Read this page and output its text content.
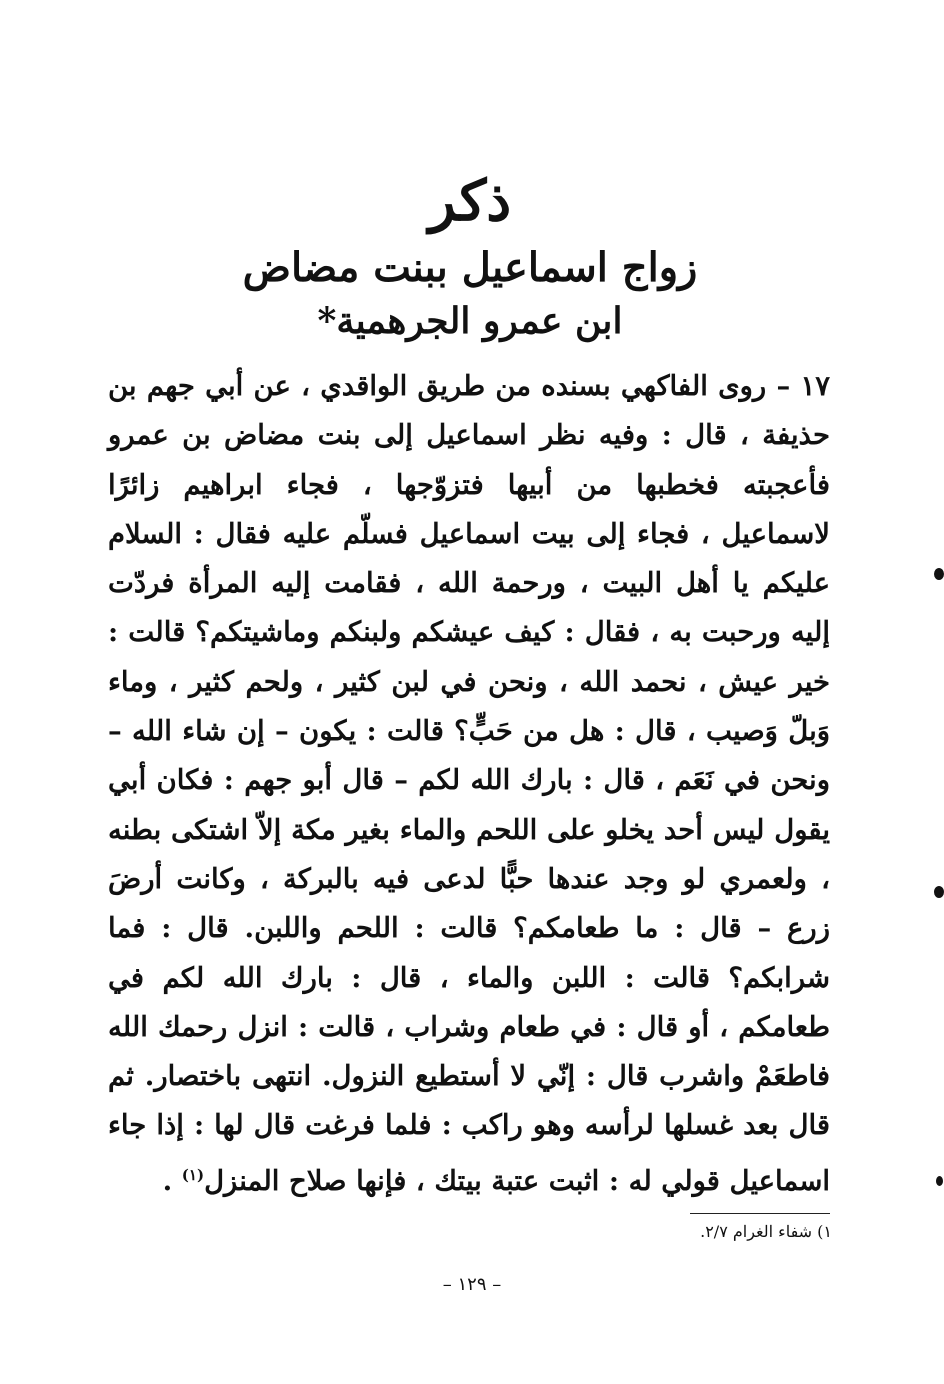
ذكر
زواج اسماعيل ببنت مضاض
ابن عمرو الجرهمية*

١٧ – روى الفاكهي بسنده من طريق الواقدي ، عن أبي جهم بن حذيفة ، قال : وفيه نظر اسماعيل إلى بنت مضاض بن عمرو فأعجبته فخطبها من أبيها فتزوّجها ، فجاء ابراهيم زائرًا لاسماعيل ، فجاء إلى بيت اسماعيل فسلّم عليه فقال : السلام عليكم يا أهل البيت ، ورحمة الله ، فقامت إليه المرأة فردّت إليه ورحبت به ، فقال : كيف عيشكم ولبنكم وماشيتكم؟ قالت : خير عيش ، نحمد الله ، ونحن في لبن كثير ، ولحم كثير ، وماء وَبلّ وَصيب ، قال : هل من حَبٍّ؟ قالت : يكون – إن شاء الله – ونحن في نَعَم ، قال : بارك الله لكم – قال أبو جهم : فكان أبي يقول ليس أحد يخلو على اللحم والماء بغير مكة إلاّ اشتكى بطنه ، ولعمري لو وجد عندها حبًّا لدعى فيه بالبركة ، وكانت أرضَ زرع – قال : ما طعامكم؟ قالت : اللحم واللبن. قال : فما شرابكم؟ قالت : اللبن والماء ، قال : بارك الله لكم في طعامكم ، أو قال : في طعام وشراب ، قالت : انزل رحمك الله فاطعَمْ واشرب قال : إنّي لا أستطيع النزول. انتهى باختصار. ثم قال بعد غسلها لرأسه وهو راكب : فلما فرغت قال لها : إذا جاء اسماعيل قولي له : اثبت عتبة بيتك ، فإنها صلاح المنزل$^{(١)}$ .

١) شفاء الغرام ٢/٧.
– ١٢٩ –
